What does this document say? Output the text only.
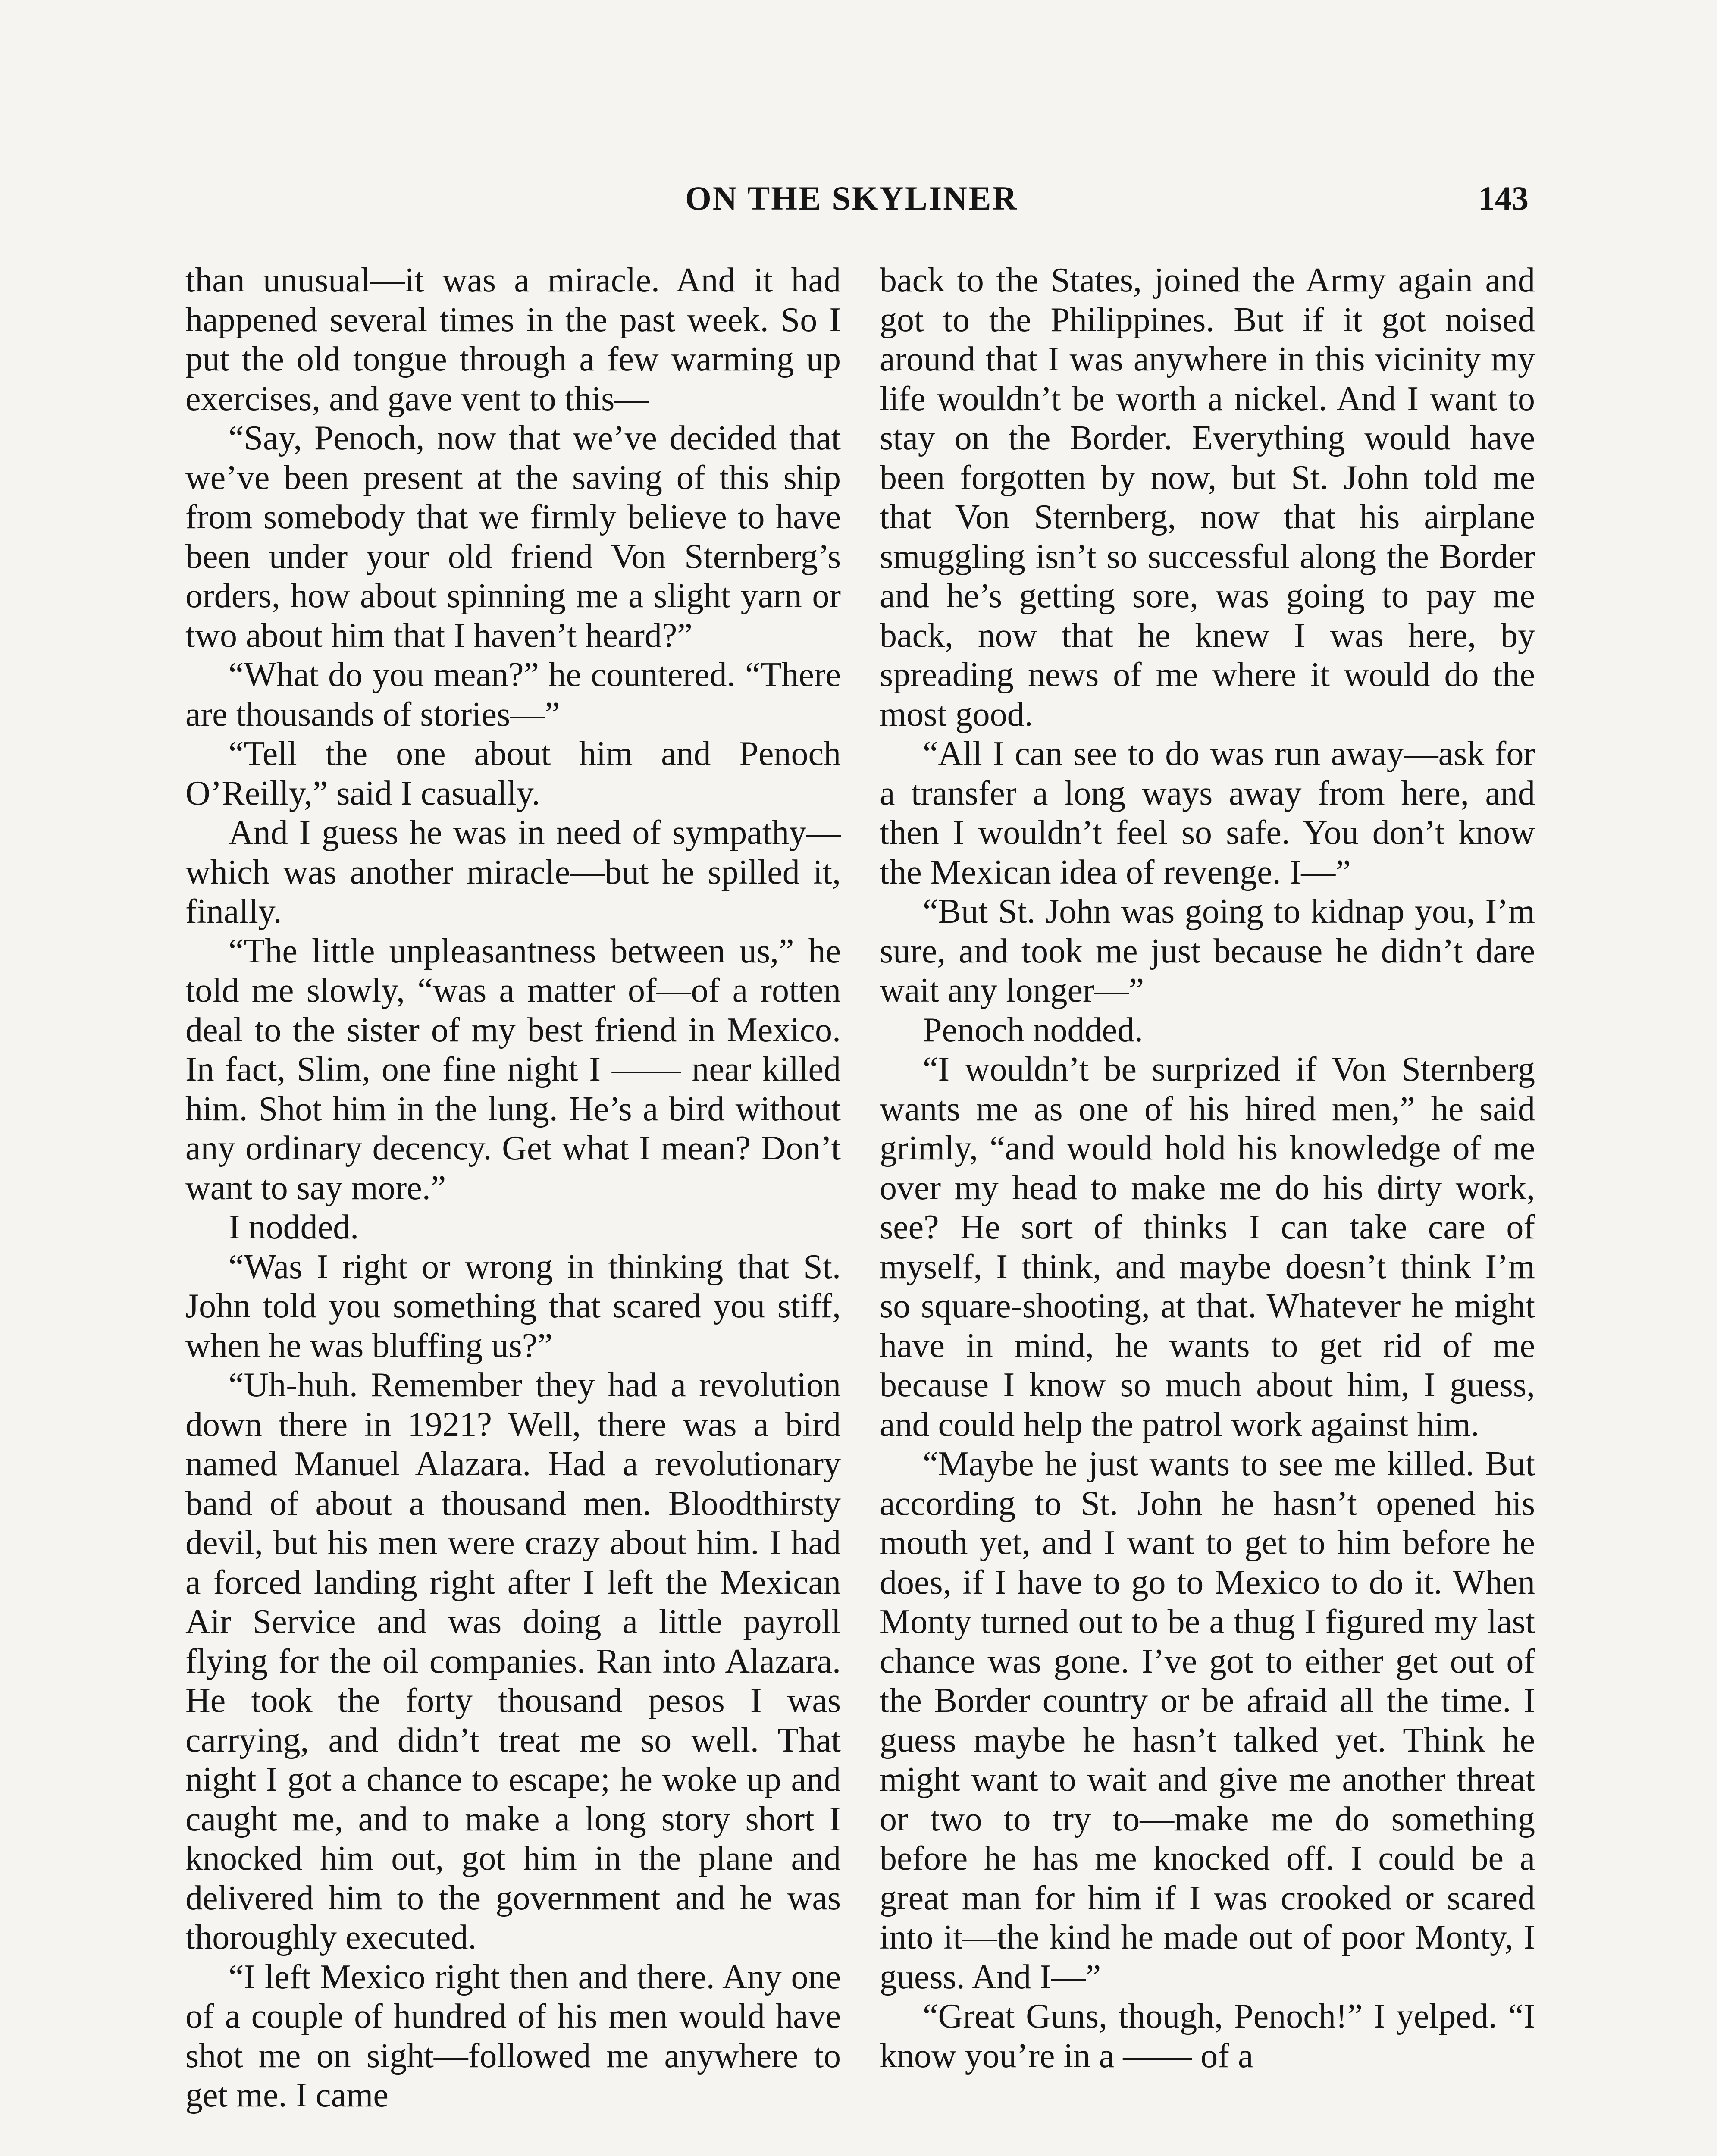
ON THE SKYLINER	143

than unusual—it was a miracle. And it had happened several times in the past week. So I put the old tongue through a few warming up exercises, and gave vent to this—

“Say, Penoch, now that we’ve decided that we’ve been present at the saving of this ship from somebody that we firmly believe to have been under your old friend Von Sternberg’s orders, how about spinning me a slight yarn or two about him that I haven’t heard?”

“What do you mean?” he countered. “There are thousands of stories—”

“Tell the one about him and Penoch O’Reilly,” said I casually.

And I guess he was in need of sympathy—which was another miracle—but he spilled it, finally.

“The little unpleasantness between us,” he told me slowly, “was a matter of—of a rotten deal to the sister of my best friend in Mexico. In fact, Slim, one fine night I —— near killed him. Shot him in the lung. He’s a bird without any ordinary decency. Get what I mean? Don’t want to say more.”

I nodded.

“Was I right or wrong in thinking that St. John told you something that scared you stiff, when he was bluffing us?”

“Uh-huh. Remember they had a revolution down there in 1921? Well, there was a bird named Manuel Alazara. Had a revolutionary band of about a thousand men. Bloodthirsty devil, but his men were crazy about him. I had a forced landing right after I left the Mexican Air Service and was doing a little payroll flying for the oil companies. Ran into Alazara. He took the forty thousand pesos I was carrying, and didn’t treat me so well. That night I got a chance to escape; he woke up and caught me, and to make a long story short I knocked him out, got him in the plane and delivered him to the government and he was thoroughly executed.

“I left Mexico right then and there. Any one of a couple of hundred of his men would have shot me on sight—followed me anywhere to get me. I came

back to the States, joined the Army again and got to the Philippines. But if it got noised around that I was anywhere in this vicinity my life wouldn’t be worth a nickel. And I want to stay on the Border. Everything would have been forgotten by now, but St. John told me that Von Sternberg, now that his airplane smuggling isn’t so successful along the Border and he’s getting sore, was going to pay me back, now that he knew I was here, by spreading news of me where it would do the most good.

“All I can see to do was run away—ask for a transfer a long ways away from here, and then I wouldn’t feel so safe. You don’t know the Mexican idea of revenge. I—”

“But St. John was going to kidnap you, I’m sure, and took me just because he didn’t dare wait any longer—”

Penoch nodded.

“I wouldn’t be surprized if Von Sternberg wants me as one of his hired men,” he said grimly, “and would hold his knowledge of me over my head to make me do his dirty work, see? He sort of thinks I can take care of myself, I think, and maybe doesn’t think I’m so square-shooting, at that. Whatever he might have in mind, he wants to get rid of me because I know so much about him, I guess, and could help the patrol work against him.

“Maybe he just wants to see me killed. But according to St. John he hasn’t opened his mouth yet, and I want to get to him before he does, if I have to go to Mexico to do it. When Monty turned out to be a thug I figured my last chance was gone. I’ve got to either get out of the Border country or be afraid all the time. I guess maybe he hasn’t talked yet. Think he might want to wait and give me another threat or two to try to—make me do something before he has me knocked off. I could be a great man for him if I was crooked or scared into it—the kind he made out of poor Monty, I guess. And I—”

“Great Guns, though, Penoch!” I yelped. “I know you’re in a —— of a
